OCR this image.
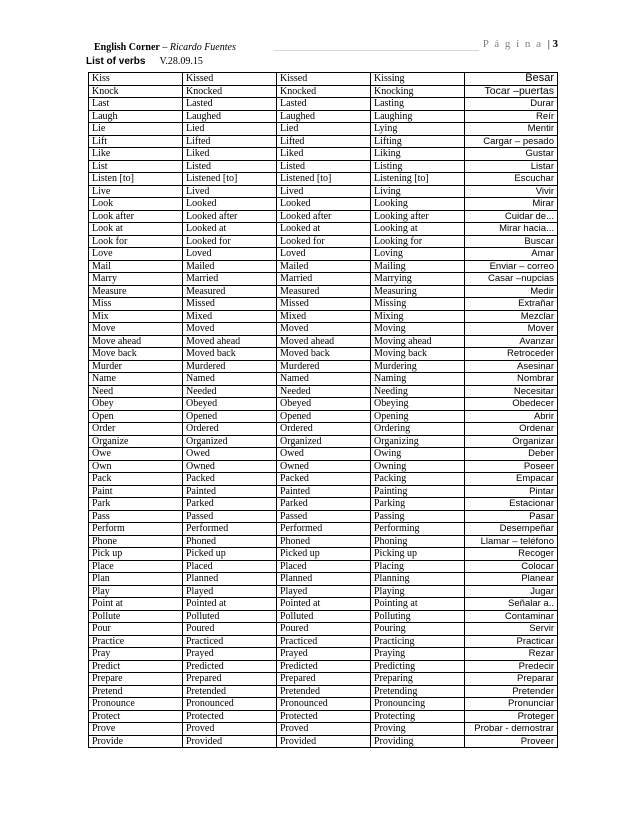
English Corner – Ricardo Fuentes
List of verbs V.28.09.15
P á g i n a |3
Kiss	Kissed	Kissed	Kissing	Besar
Knock	Knocked	Knocked	Knocking	Tocar –puertas
Last	Lasted	Lasted	Lasting	Durar
Laugh	Laughed	Laughed	Laughing	Reír
Lie	Lied	Lied	Lying	Mentir
Lift	Lifted	Lifted	Lifting	Cargar – pesado
Like	Liked	Liked	Liking	Gustar
List	Listed	Listed	Listing	Listar
Listen [to]	Listened [to]	Listened [to]	Listening [to]	Escuchar
Live	Lived	Lived	Living	Vivir
Look	Looked	Looked	Looking	Mirar
Look after	Looked after	Looked after	Looking after	Cuidar de...
Look at	Looked at	Looked at	Looking at	Mirar hacia...
Look for	Looked for	Looked for	Looking for	Buscar
Love	Loved	Loved	Loving	Amar
Mail	Mailed	Mailed	Mailing	Enviar – correo
Marry	Married	Married	Marrying	Casar –nupcias
Measure	Measured	Measured	Measuring	Medir
Miss	Missed	Missed	Missing	Extrañar
Mix	Mixed	Mixed	Mixing	Mezclar
Move	Moved	Moved	Moving	Mover
Move ahead	Moved ahead	Moved ahead	Moving ahead	Avanzar
Move back	Moved back	Moved back	Moving back	Retroceder
Murder	Murdered	Murdered	Murdering	Asesinar
Name	Named	Named	Naming	Nombrar
Need	Needed	Needed	Needing	Necesitar
Obey	Obeyed	Obeyed	Obeying	Obedecer
Open	Opened	Opened	Opening	Abrir
Order	Ordered	Ordered	Ordering	Ordenar
Organize	Organized	Organized	Organizing	Organizar
Owe	Owed	Owed	Owing	Deber
Own	Owned	Owned	Owning	Poseer
Pack	Packed	Packed	Packing	Empacar
Paint	Painted	Painted	Painting	Pintar
Park	Parked	Parked	Parking	Estacionar
Pass	Passed	Passed	Passing	Pasar
Perform	Performed	Performed	Performing	Desempeñar
Phone	Phoned	Phoned	Phoning	Llamar – teléfono
Pick up	Picked up	Picked up	Picking up	Recoger
Place	Placed	Placed	Placing	Colocar
Plan	Planned	Planned	Planning	Planear
Play	Played	Played	Playing	Jugar
Point at	Pointed at	Pointed at	Pointing at	Señalar a..
Pollute	Polluted	Polluted	Polluting	Contaminar
Pour	Poured	Poured	Pouring	Servir
Practice	Practiced	Practiced	Practicing	Practicar
Pray	Prayed	Prayed	Praying	Rezar
Predict	Predicted	Predicted	Predicting	Predecir
Prepare	Prepared	Prepared	Preparing	Preparar
Pretend	Pretended	Pretended	Pretending	Pretender
Pronounce	Pronounced	Pronounced	Pronouncing	Pronunciar
Protect	Protected	Protected	Protecting	Proteger
Prove	Proved	Proved	Proving	Probar - demostrar
Provide	Provided	Provided	Providing	Proveer
